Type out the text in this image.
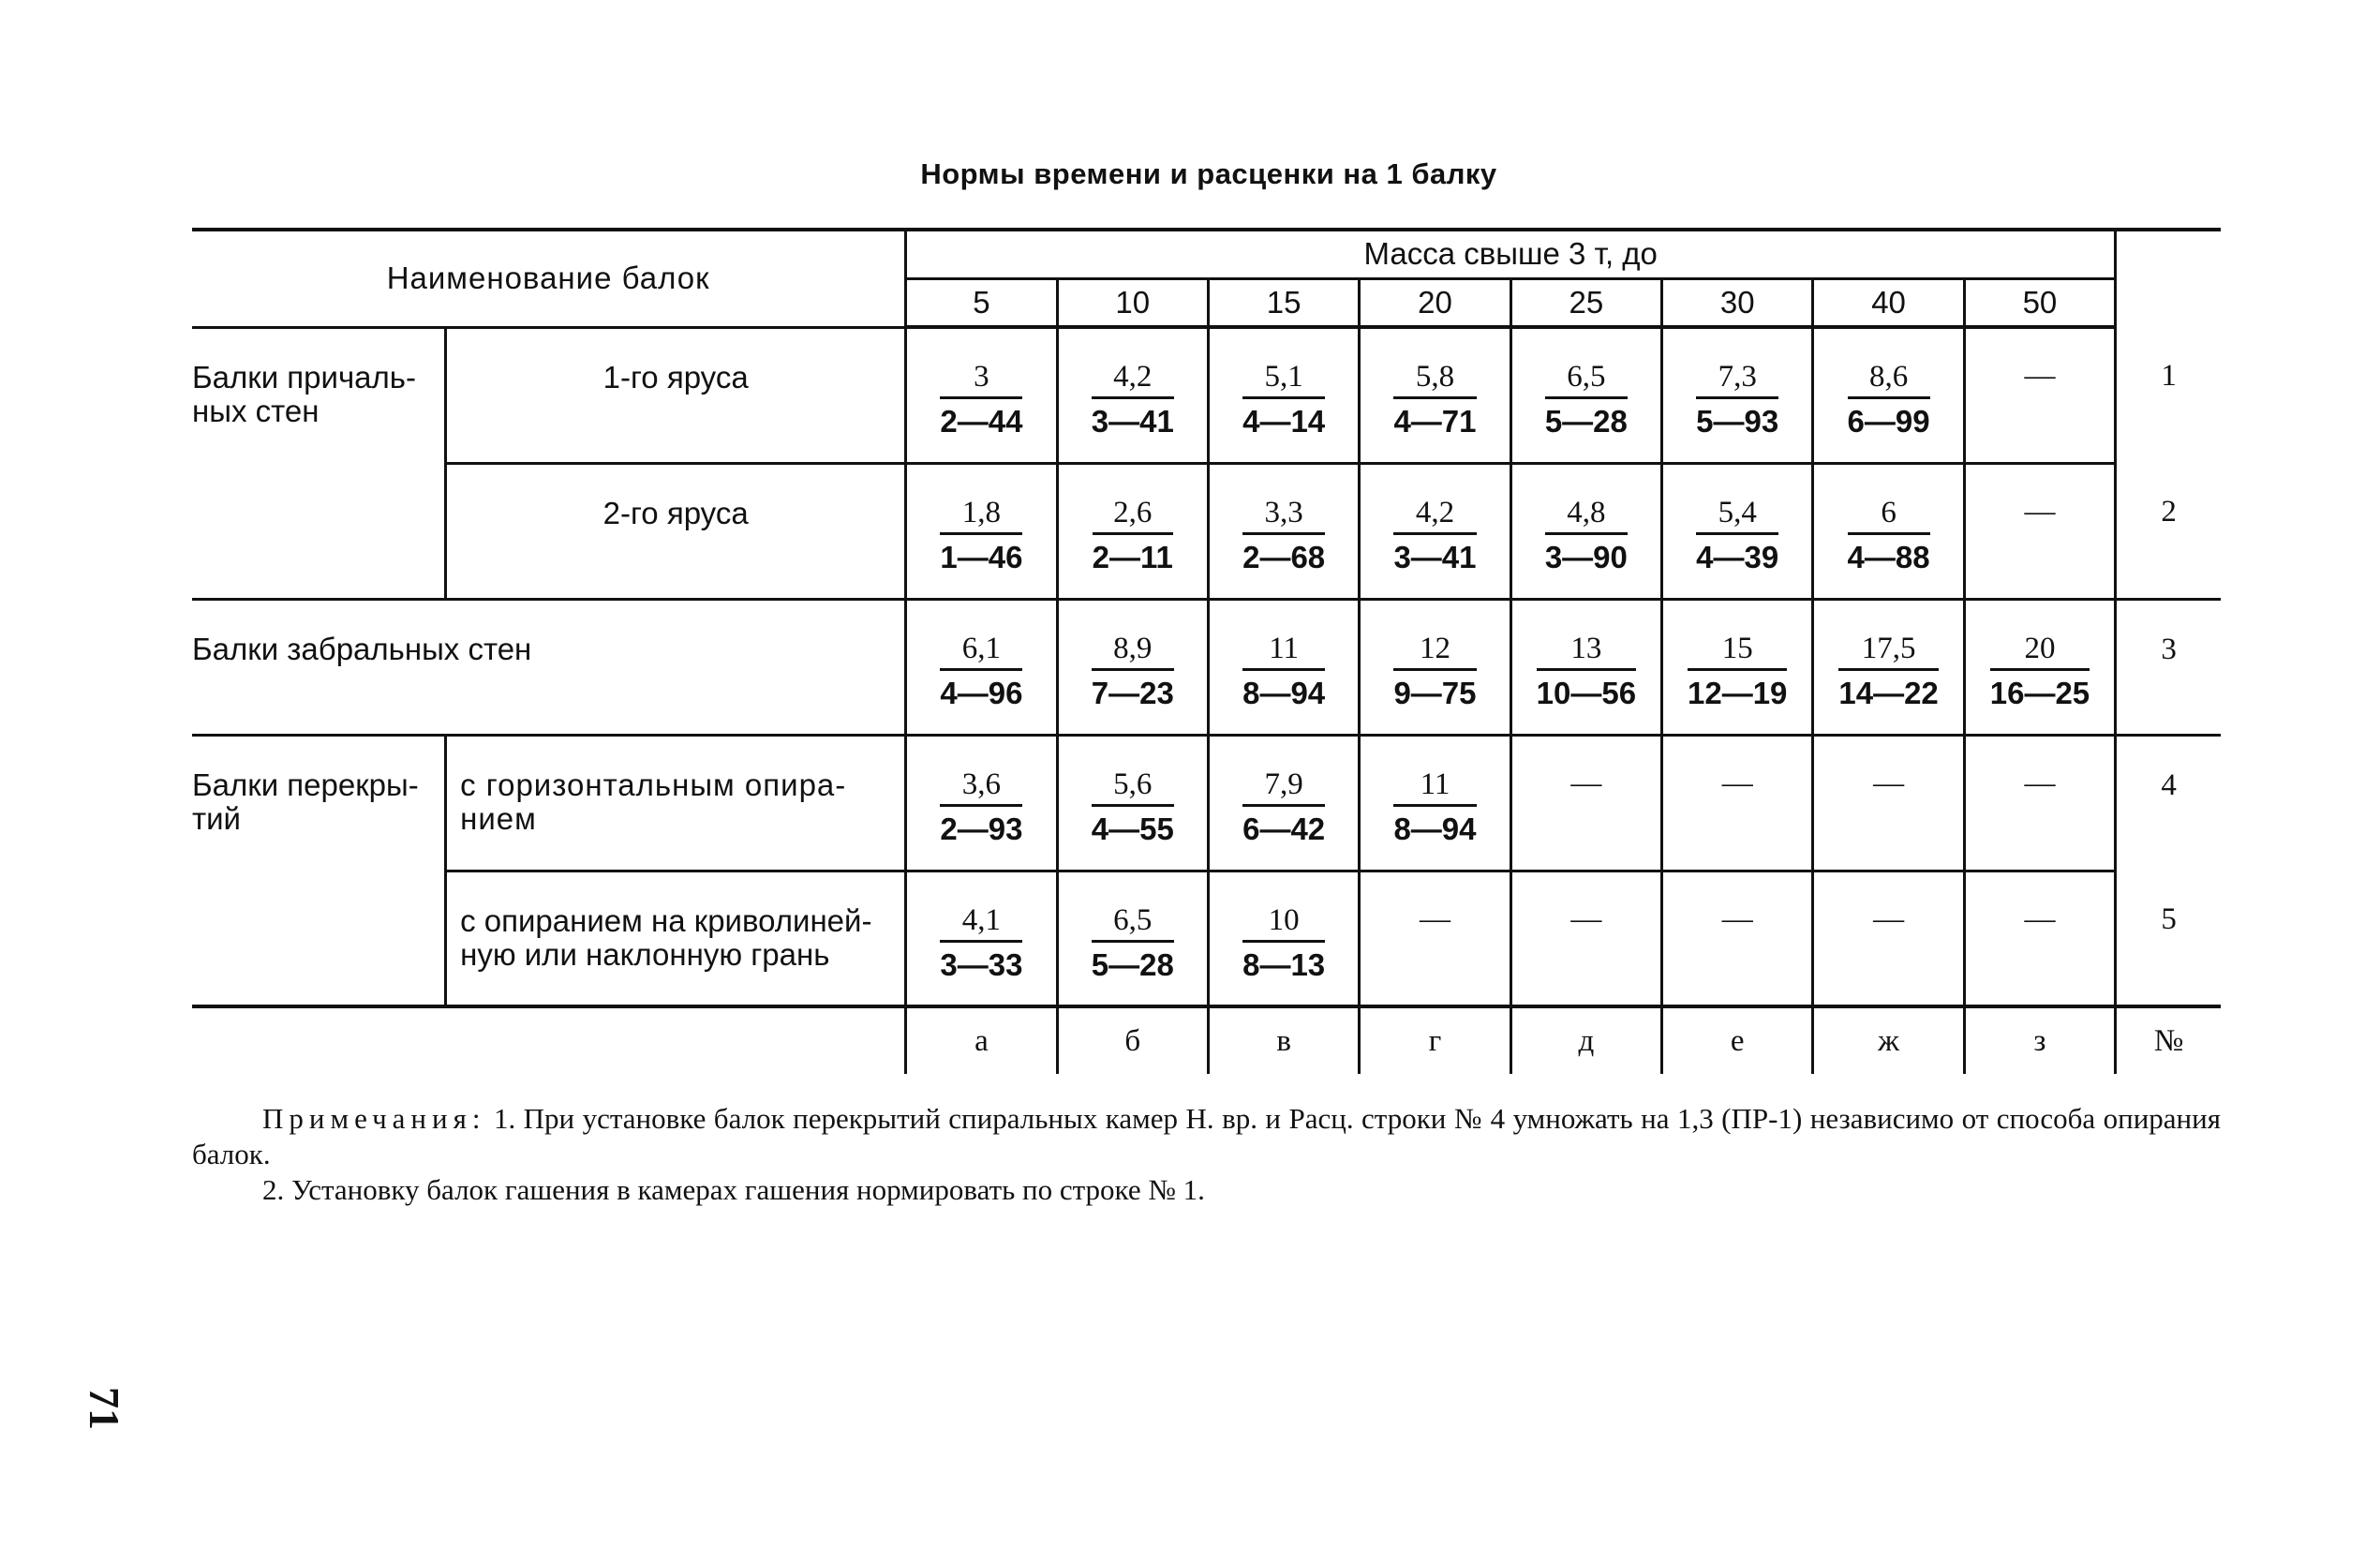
Нормы времени и расценки на 1 балку
Наименование балок		Масса свыше 3 т, до								
		5	10	15	20	25	30	40	50	
Балки причаль-
ных стен	1-го яруса	$\frac{3}{2—44}$	$\frac{4,2}{3—41}$	$\frac{5,1}{4—14}$	$\frac{5,8}{4—71}$	$\frac{6,5}{5—28}$	$\frac{7,3}{5—93}$	$\frac{8,6}{6—99}$	—	1
	2-го яруса	$\frac{1,8}{1—46}$	$\frac{2,6}{2—11}$	$\frac{3,3}{2—68}$	$\frac{4,2}{3—41}$	$\frac{4,8}{3—90}$	$\frac{5,4}{4—39}$	$\frac{6}{4—88}$	—	2
Балки забральных стен		$\frac{6,1}{4—96}$	$\frac{8,9}{7—23}$	$\frac{11}{8—94}$	$\frac{12}{9—75}$	$\frac{13}{10—56}$	$\frac{15}{12—19}$	$\frac{17,5}{14—22}$	$\frac{20}{16—25}$	3
Балки перекры-
тий	с горизонтальным опира-
нием	$\frac{3,6}{2—93}$	$\frac{5,6}{4—55}$	$\frac{7,9}{6—42}$	$\frac{11}{8—94}$	—	—	—	—	4
	с опиранием на криволиней-
ную или наклонную грань	$\frac{4,1}{3—33}$	$\frac{6,5}{5—28}$	$\frac{10}{8—13}$	—	—	—	—	—	5
		а	б	в	г	д	е	ж	з	№
Примечания: 1. При установке балок перекрытий спиральных камер Н. вр. и Расц. строки № 4 умножать на 1,3 (ПР-1) независимо от способа опирания балок.
2. Установку балок гашения в камерах гашения нормировать по строке № 1.
71
